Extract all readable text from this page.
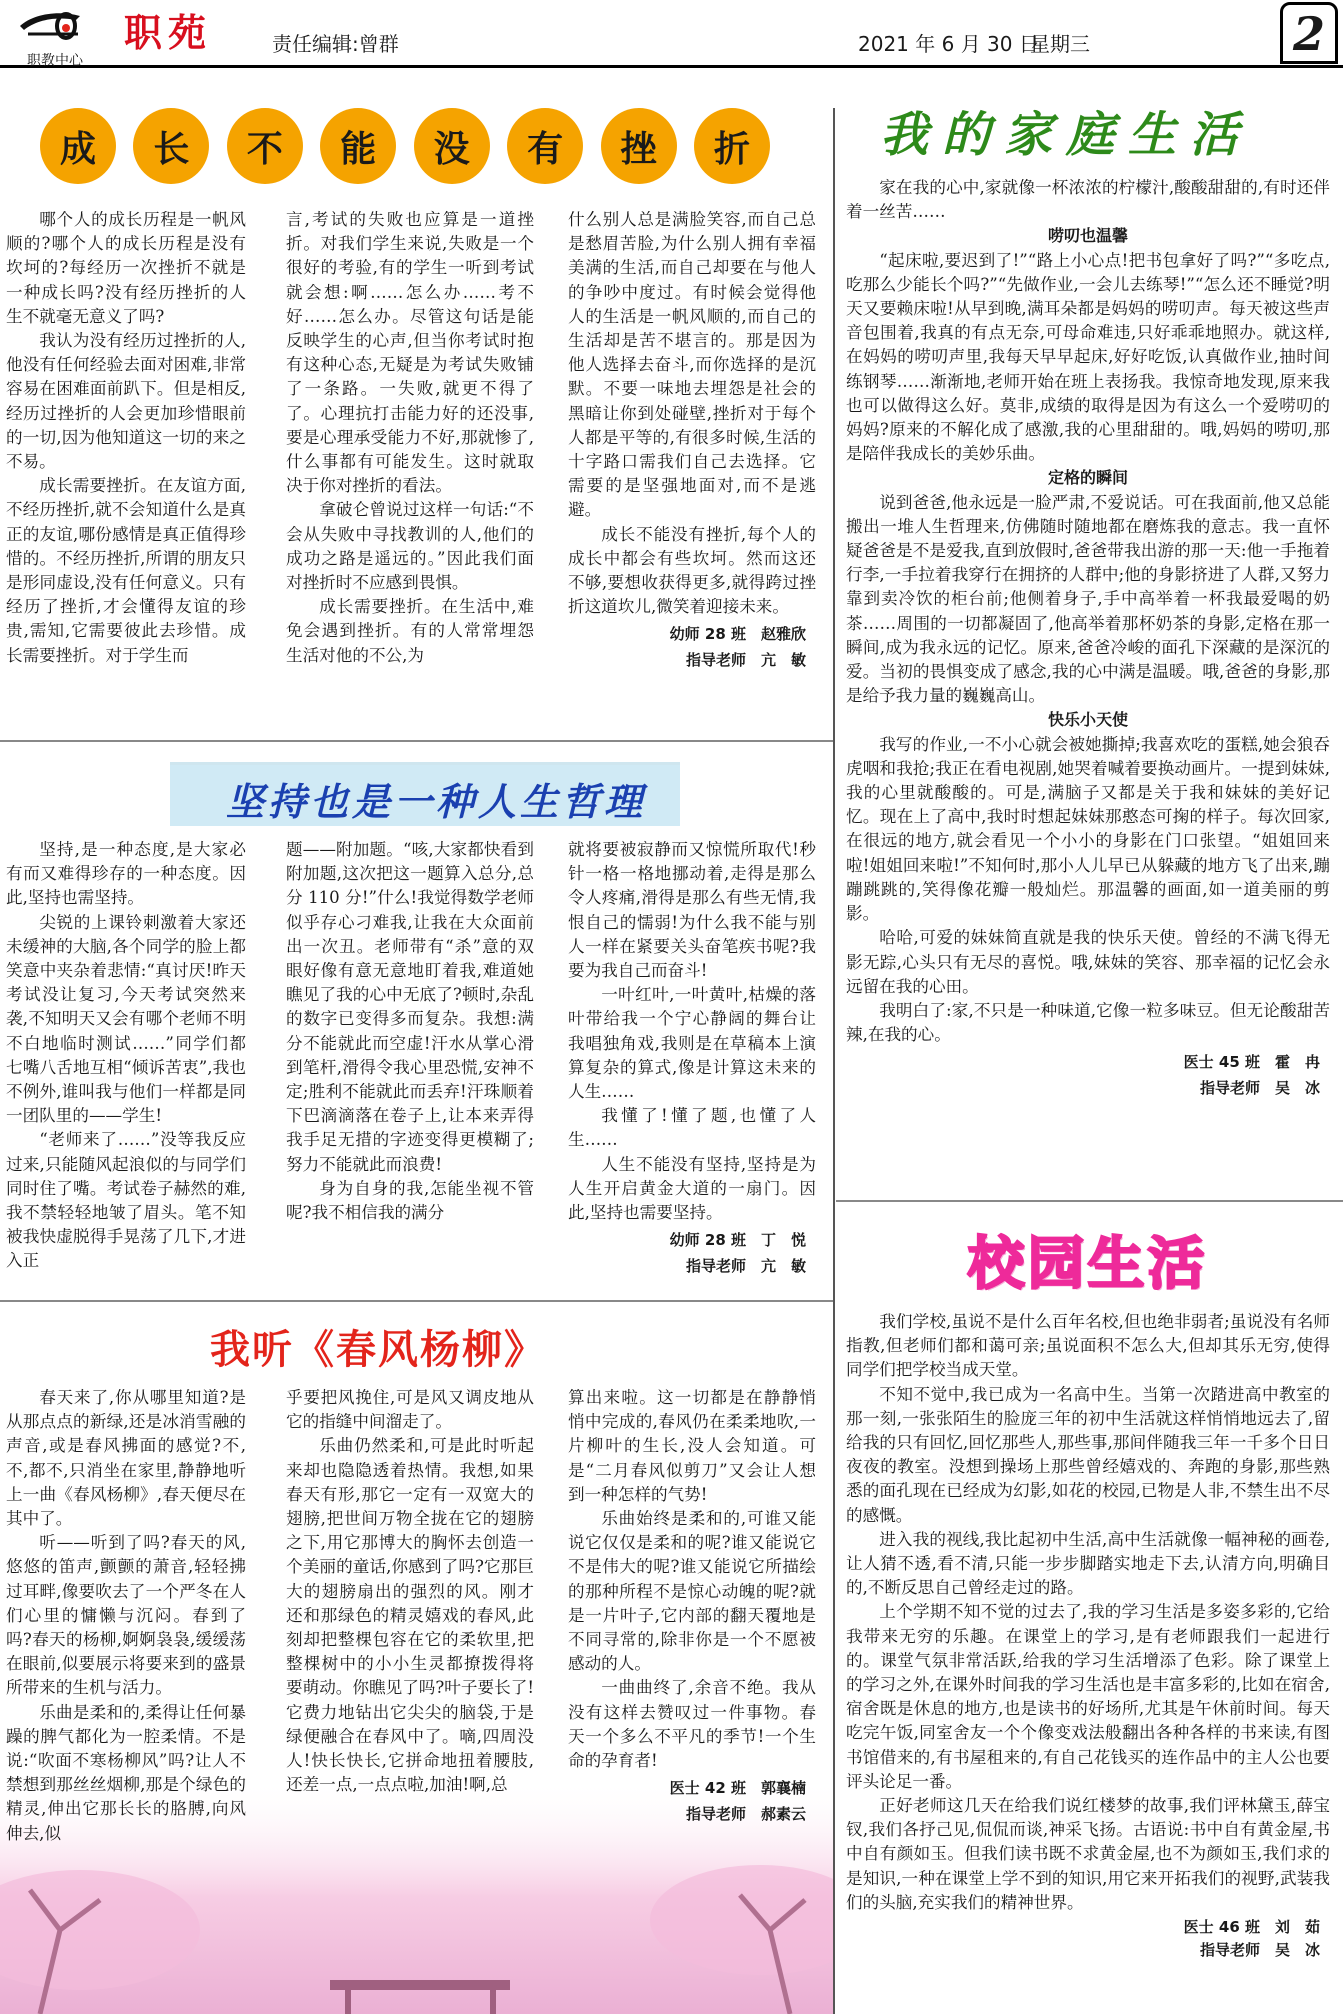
职教中心
职苑	责任编辑:曾群	2021 年 6 月 30 日
星期三	2
成	长	不	能	没	有	挫	折

哪个人的成长历程是一帆风顺的?哪个人的成长历程是没有坎坷的?每经历一次挫折不就是一种成长吗?没有经历挫折的人生不就毫无意义了吗?

我认为没有经历过挫折的人,他没有任何经验去面对困难,非常容易在困难面前趴下。但是相反,经历过挫折的人会更加珍惜眼前的一切,因为他知道这一切的来之不易。

成长需要挫折。在友谊方面,不经历挫折,就不会知道什么是真正的友谊,哪份感情是真正值得珍惜的。不经历挫折,所谓的朋友只是形同虚设,没有任何意义。只有经历了挫折,才会懂得友谊的珍贵,需知,它需要彼此去珍惜。成长需要挫折。对于学生而

言,考试的失败也应算是一道挫折。对我们学生来说,失败是一个很好的考验,有的学生一听到考试就会想:啊……怎么办……考不好……怎么办。尽管这句话是能反映学生的心声,但当你考试时抱有这种心态,无疑是为考试失败铺了一条路。一失败,就更不得了了。心理抗打击能力好的还没事,要是心理承受能力不好,那就惨了,什么事都有可能发生。这时就取决于你对挫折的看法。

拿破仑曾说过这样一句话:“不会从失败中寻找教训的人,他们的成功之路是遥远的。”因此我们面对挫折时不应感到畏惧。

成长需要挫折。在生活中,难免会遇到挫折。有的人常常埋怨生活对他的不公,为

什么别人总是满脸笑容,而自己总是愁眉苦脸,为什么别人拥有幸福美满的生活,而自己却要在与他人的争吵中度过。有时候会觉得他人的生活是一帆风顺的,而自己的生活却是苦不堪言的。那是因为他人选择去奋斗,而你选择的是沉默。不要一味地去埋怨是社会的黑暗让你到处碰壁,挫折对于每个人都是平等的,有很多时候,生活的十字路口需我们自己去选择。它需要的是坚强地面对,而不是逃避。

成长不能没有挫折,每个人的成长中都会有些坎坷。然而这还不够,要想收获得更多,就得跨过挫折这道坎儿,微笑着迎接未来。

幼师 28 班　赵雅欣
指导老师　亢　敏
坚持也是一种人生哲理

坚持,是一种态度,是大家必有而又难得珍存的一种态度。因此,坚持也需坚持。

尖锐的上课铃刺激着大家还未缓神的大脑,各个同学的脸上都笑意中夹杂着悲情:“真讨厌!昨天考试没让复习,今天考试突然来袭,不知明天又会有哪个老师不明不白地临时测试……”同学们都七嘴八舌地互相“倾诉苦衷”,我也不例外,谁叫我与他们一样都是同一团队里的——学生!

“老师来了……”没等我反应过来,只能随风起浪似的与同学们同时住了嘴。考试卷子赫然的难,我不禁轻轻地皱了眉头。笔不知被我快虚脱得手晃荡了几下,才进入正

题——附加题。“咳,大家都快看到附加题,这次把这一题算入总分,总分 110 分!”什么!我觉得数学老师似乎存心刁难我,让我在大众面前出一次丑。老师带有“杀”意的双眼好像有意无意地盯着我,难道她瞧见了我的心中无底了?顿时,杂乱的数字已变得多而复杂。我想:满分不能就此而空虚!汗水从掌心滑到笔杆,滑得令我心里恐慌,安神不定;胜利不能就此而丢弃!汗珠顺着下巴滴滴落在卷子上,让本来弄得我手足无措的字迹变得更模糊了;努力不能就此而浪费!

身为自身的我,怎能坐视不管呢?我不相信我的满分

就将要被寂静而又惊慌所取代!秒针一格一格地挪动着,走得是那么令人疼痛,滑得是那么有些无情,我恨自己的懦弱!为什么我不能与别人一样在紧要关头奋笔疾书呢?我要为我自己而奋斗!

一叶红叶,一叶黄叶,枯燥的落叶带给我一个宁心静阔的舞台让我唱独角戏,我则是在草稿本上演算复杂的算式,像是计算这未来的人生……

我懂了!懂了题,也懂了人生……

人生不能没有坚持,坚持是为人生开启黄金大道的一扇门。因此,坚持也需要坚持。

幼师 28 班　丁　悦
指导老师　亢　敏
我听《春风杨柳》

春天来了,你从哪里知道?是从那点点的新绿,还是冰消雪融的声音,或是春风拂面的感觉?不,不,都不,只消坐在家里,静静地听上一曲《春风杨柳》,春天便尽在其中了。

听——听到了吗?春天的风,悠悠的笛声,颤颤的萧音,轻轻拂过耳畔,像要吹去了一个严冬在人们心里的慵懒与沉闷。春到了吗?春天的杨柳,婀婀袅袅,缓缓荡在眼前,似要展示将要来到的盛景所带来的生机与活力。

乐曲是柔和的,柔得让任何暴躁的脾气都化为一腔柔情。不是说:“吹面不寒杨柳风”吗?让人不禁想到那丝丝烟柳,那是个绿色的精灵,伸出它那长长的胳膊,向风伸去,似

乎要把风挽住,可是风又调皮地从它的指缝中间溜走了。

乐曲仍然柔和,可是此时听起来却也隐隐透着热情。我想,如果春天有形,那它一定有一双宽大的翅膀,把世间万物全拢在它的翅膀之下,用它那博大的胸怀去创造一个美丽的童话,你感到了吗?它那巨大的翅膀扇出的强烈的风。刚才还和那绿色的精灵嬉戏的春风,此刻却把整棵包容在它的柔软里,把整棵树中的小小生灵都撩拨得将要萌动。你瞧见了吗?叶子要长了!它费力地钻出它尖尖的脑袋,于是绿便融合在春风中了。嘀,四周没人!快长快长,它拼命地扭着腰肢,还差一点,一点点啦,加油!啊,总

算出来啦。这一切都是在静静悄悄中完成的,春风仍在柔柔地吹,一片柳叶的生长,没人会知道。可是“二月春风似剪刀”又会让人想到一种怎样的气势!

乐曲始终是柔和的,可谁又能说它仅仅是柔和的呢?谁又能说它不是伟大的呢?谁又能说它所描绘的那种所程不是惊心动魄的呢?就是一片叶子,它内部的翻天覆地是不同寻常的,除非你是一个不愿被感动的人。

一曲曲终了,余音不绝。我从没有这样去赞叹过一件事物。春天一个多么不平凡的季节!一个生命的孕育者!

医士 42 班　郭襄楠
指导老师　郝素云
我的家庭生活

家在我的心中,家就像一杯浓浓的柠檬汁,酸酸甜甜的,有时还伴着一丝苦……

唠叨也温馨

“起床啦,要迟到了!”“路上小心点!把书包拿好了吗?”“多吃点,吃那么少能长个吗?”“先做作业,一会儿去练琴!”“怎么还不睡觉?明天又要赖床啦!从早到晚,满耳朵都是妈妈的唠叨声。每天被这些声音包围着,我真的有点无奈,可母命难违,只好乖乖地照办。就这样,在妈妈的唠叨声里,我每天早早起床,好好吃饭,认真做作业,抽时间练钢琴……渐渐地,老师开始在班上表扬我。我惊奇地发现,原来我也可以做得这么好。莫非,成绩的取得是因为有这么一个爱唠叨的妈妈?原来的不解化成了感激,我的心里甜甜的。哦,妈妈的唠叨,那是陪伴我成长的美妙乐曲。

定格的瞬间

说到爸爸,他永远是一脸严肃,不爱说话。可在我面前,他又总能搬出一堆人生哲理来,仿佛随时随地都在磨炼我的意志。我一直怀疑爸爸是不是爱我,直到放假时,爸爸带我出游的那一天:他一手拖着行李,一手拉着我穿行在拥挤的人群中;他的身影挤进了人群,又努力靠到卖冷饮的柜台前;他侧着身子,手中高举着一杯我最爱喝的奶茶……周围的一切都凝固了,他高举着那杯奶茶的身影,定格在那一瞬间,成为我永远的记忆。原来,爸爸冷峻的面孔下深藏的是深沉的爱。当初的畏惧变成了感念,我的心中满是温暖。哦,爸爸的身影,那是给予我力量的巍巍高山。

快乐小天使

我写的作业,一不小心就会被她撕掉;我喜欢吃的蛋糕,她会狼吞虎咽和我抢;我正在看电视剧,她哭着喊着要换动画片。一提到妹妹,我的心里就酸酸的。可是,满脑子又都是关于我和妹妹的美好记忆。现在上了高中,我时时想起妹妹那憨态可掬的样子。每次回家,在很远的地方,就会看见一个小小的身影在门口张望。“姐姐回来啦!姐姐回来啦!”不知何时,那小人儿早已从躲藏的地方飞了出来,蹦蹦跳跳的,笑得像花瓣一般灿烂。那温馨的画面,如一道美丽的剪影。

哈哈,可爱的妹妹简直就是我的快乐天使。曾经的不满飞得无影无踪,心头只有无尽的喜悦。哦,妹妹的笑容、那幸福的记忆会永远留在我的心田。

我明白了:家,不只是一种味道,它像一粒多味豆。但无论酸甜苦辣,在我的心。

医士 45 班　霍　冉
指导老师　吴　冰
校园生活

我们学校,虽说不是什么百年名校,但也绝非弱者;虽说没有名师指教,但老师们都和蔼可亲;虽说面积不怎么大,但却其乐无穷,使得同学们把学校当成天堂。

不知不觉中,我已成为一名高中生。当第一次踏进高中教室的那一刻,一张张陌生的脸庞三年的初中生活就这样悄悄地远去了,留给我的只有回忆,回忆那些人,那些事,那间伴随我三年一千多个日日夜夜的教室。没想到操场上那些曾经嬉戏的、奔跑的身影,那些熟悉的面孔现在已经成为幻影,如花的校园,已物是人非,不禁生出不尽的感慨。

进入我的视线,我比起初中生活,高中生活就像一幅神秘的画卷,让人猜不透,看不清,只能一步步脚踏实地走下去,认清方向,明确目的,不断反思自己曾经走过的路。

上个学期不知不觉的过去了,我的学习生活是多姿多彩的,它给我带来无穷的乐趣。在课堂上的学习,是有老师跟我们一起进行的。课堂气氛非常活跃,给我的学习生活增添了色彩。除了课堂上的学习之外,在课外时间我的学习生活也是丰富多彩的,比如在宿舍,宿舍既是休息的地方,也是读书的好场所,尤其是午休前时间。每天吃完午饭,同室舍友一个个像变戏法般翻出各种各样的书来读,有图书馆借来的,有书屋租来的,有自己花钱买的连作品中的主人公也要评头论足一番。

正好老师这几天在给我们说红楼梦的故事,我们评林黛玉,薛宝钗,我们各抒己见,侃侃而谈,神采飞扬。古语说:书中自有黄金屋,书中自有颜如玉。但我们读书既不求黄金屋,也不为颜如玉,我们求的是知识,一种在课堂上学不到的知识,用它来开拓我们的视野,武装我们的头脑,充实我们的精神世界。

医士 46 班　刘　茹
指导老师　吴　冰
